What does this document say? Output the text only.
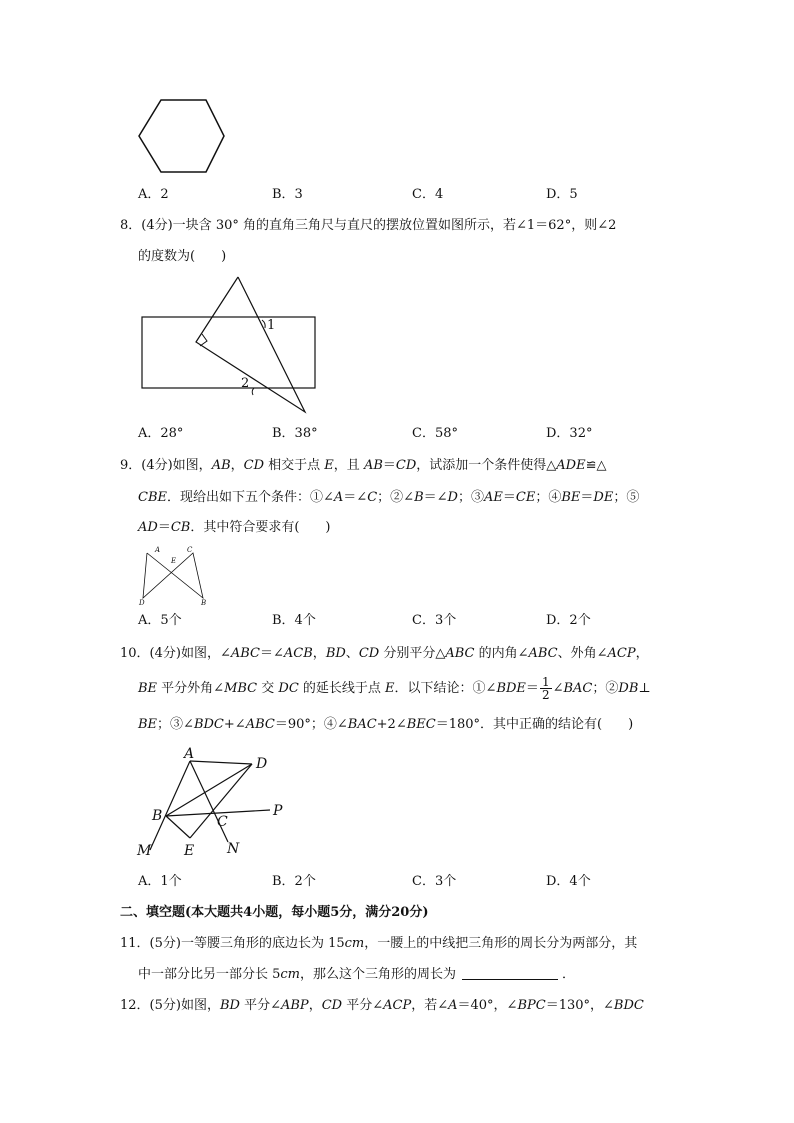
A．2	B．3	C．4	D．5
8．(4分)一块含 30° 角的直角三角尺与直尺的摆放位置如图所示，若∠1＝62°，则∠2
的度数为(　　)
1
2
A．28°	B．38°	C．58°	D．32°
9．(4分)如图，AB，CD 相交于点 E，且 AB＝CD，试添加一个条件使得△ADE≌△
CBE．现给出如下五个条件：①∠A＝∠C；②∠B＝∠D；③AE＝CE；④BE＝DE；⑤
AD＝CB．其中符合要求有(　　)
A
E
C
D	B
A．5个	B．4个	C．3个	D．2个
10．(4分)如图，∠ABC＝∠ACB，BD、CD 分别平分△ABC 的内角∠ABC、外角∠ACP，
BE 平分外角∠MBC 交 DC 的延长线于点 E．以下结论：①∠BDE＝ $\frac{1}{2}$ ∠BAC；②DB⊥
BE；③∠BDC+∠ABC＝90°；④∠BAC+2∠BEC＝180°．其中正确的结论有(　　)
A
D
B	C
P
M E N
A．1个	B．2个	C．3个	D．4个
二、填空题(本大题共4小题，每小题5分，满分20分)
11．(5分)一等腰三角形的底边长为 15cm，一腰上的中线把三角形的周长分为两部分，其
中一部分比另一部分长 5cm，那么这个三角形的周长为	．
12．(5分)如图，BD 平分∠ABP，CD 平分∠ACP，若∠A＝40°，∠BPC＝130°，∠BDC
